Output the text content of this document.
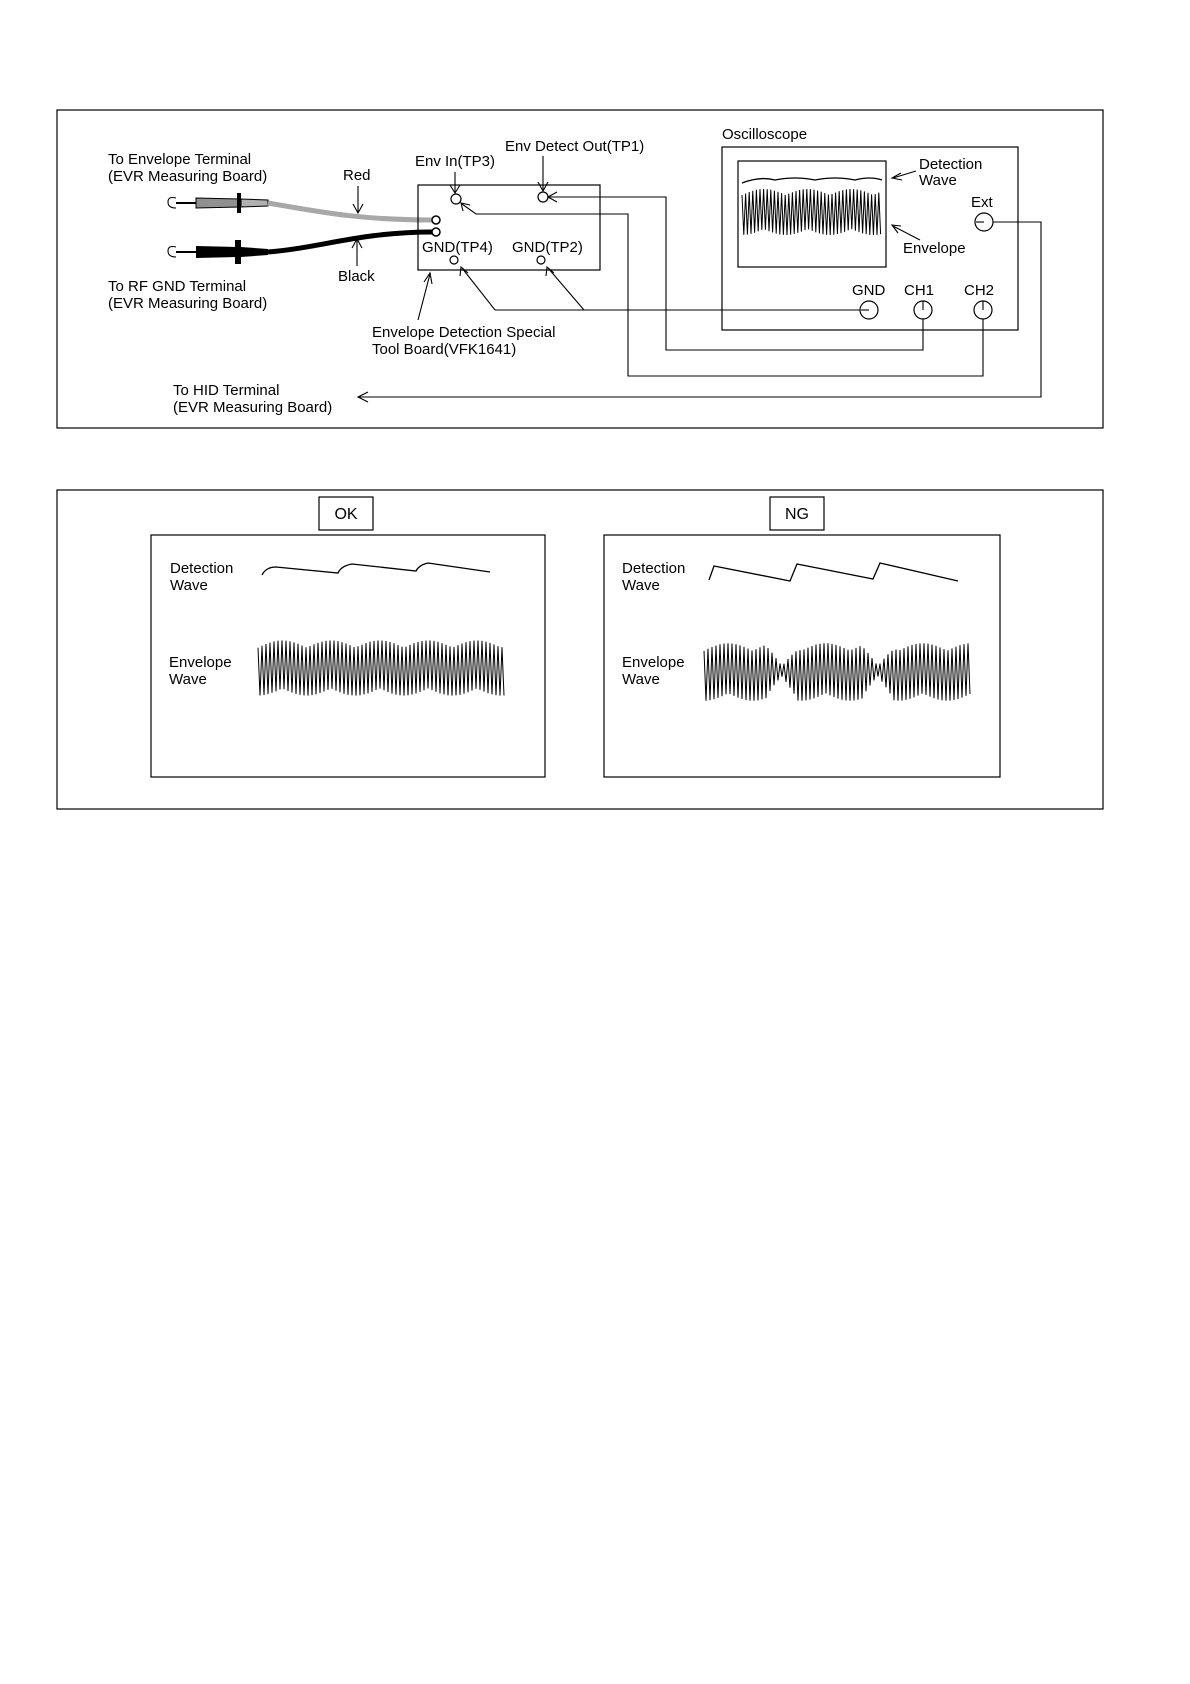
To Envelope Terminal
(EVR Measuring Board)
To RF GND Terminal
(EVR Measuring Board)
Red
Black
Env In(TP3)
Env Detect Out(TP1)
GND(TP4) GND(TP2)
Envelope Detection Special
Tool Board(VFK1641)
Oscilloscope
Detection
Wave
Envelope
Ext
GND CH1 CH2
To HID Terminal
(EVR Measuring Board)
OK
Detection
Wave
Envelope
Wave
NG
Detection
Wave
Envelope
Wave
